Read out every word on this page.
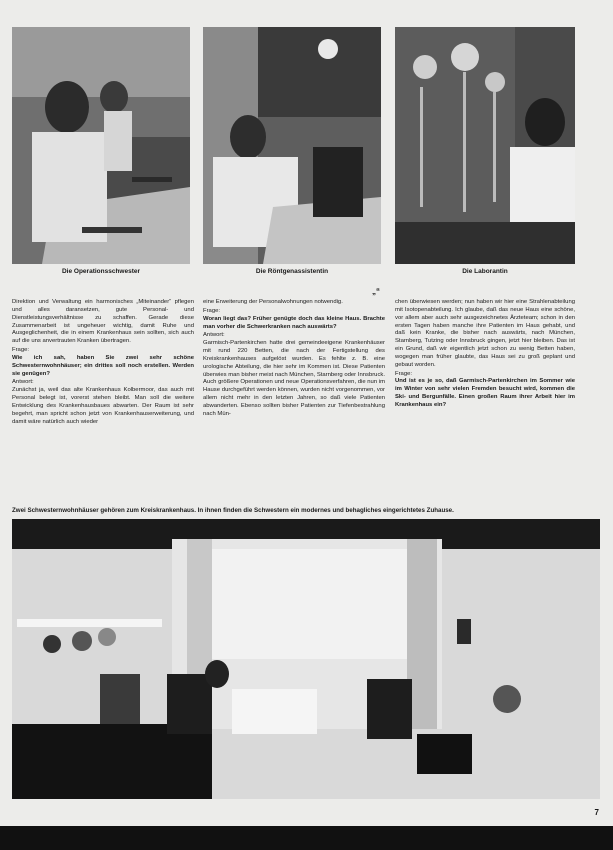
Die Operationsschwester	Die Röntgenassistentin	Die Laborantin
„“

Direktion und Verwaltung ein harmonisches „Miteinander“ pflegen und alles daransetzen, gute Personal- und Dienstleistungsverhältnisse zu schaffen. Gerade diese Zusammenarbeit ist ungeheuer wichtig, damit Ruhe und Ausgeglichenheit, die in einem Krankenhaus sein sollten, sich auch auf die uns anvertrauten Kranken übertragen.

Frage:

Wie ich sah, haben Sie zwei sehr schöne Schwesternwohnhäuser; ein drittes soll noch erstellen. Werden sie genügen?

Antwort:

Zunächst ja, weil das alte Krankenhaus Kolbermoor, das auch mit Personal belegt ist, vorerst stehen bleibt. Man soll die weitere Entwicklung des Krankenhausbaues abwarten. Der Raum ist sehr begehrt, man spricht schon jetzt von Krankenhauserweiterung, und damit wäre natürlich auch wieder

eine Erweiterung der Personalwohnungen notwendig.

Frage:

Woran liegt das? Früher genügte doch das kleine Haus. Brachte man vorher die Schwerkranken nach auswärts?

Antwort:

Garmisch-Partenkirchen hatte drei gemeindeeigene Krankenhäuser mit rund 220 Betten, die nach der Fertigstellung des Kreiskrankenhauses aufgelöst wurden. Es fehlte z. B. eine urologische Abteilung, die hier sehr im Kommen ist. Diese Patienten überwies man bisher meist nach München, Starnberg oder Innsbruck. Auch größere Operationen und neue Operationsverfahren, die nun im Hause durchgeführt werden können, wurden nicht vorgenommen, vor allem nicht mehr in den letzten Jahren, so daß viele Patienten abwanderten. Ebenso sollten bisher Patienten zur Tiefenbestrahlung nach Mün-

chen überwiesen werden; nun haben wir hier eine Strahlenabteilung mit Isotopenabteilung. Ich glaube, daß das neue Haus eine schöne, vor allem aber auch sehr ausgezeichnetes Ärzteteam; schon in den ersten Tagen haben manche ihre Patienten im Haus gehabt, und daß kein Kranke, die bisher nach auswärts, nach München, Starnberg, Tutzing oder Innsbruck gingen, jetzt hier bleiben. Das ist ein Grund, daß wir eigentlich jetzt schon zu wenig Betten haben, wogegen man früher glaubte, das Haus sei zu groß geplant und gebaut worden.

Frage:

Und ist es je so, daß Garmisch-Partenkirchen im Sommer wie im Winter von sehr vielen Fremden besucht wird, kommen die Ski- und Bergunfälle. Einen großen Raum ihrer Arbeit hier im Krankenhaus ein?

Zwei Schwesternwohnhäuser gehören zum Kreiskrankenhaus. In ihnen finden die Schwestern ein modernes und behagliches eingerichtetes Zuhause.
7
